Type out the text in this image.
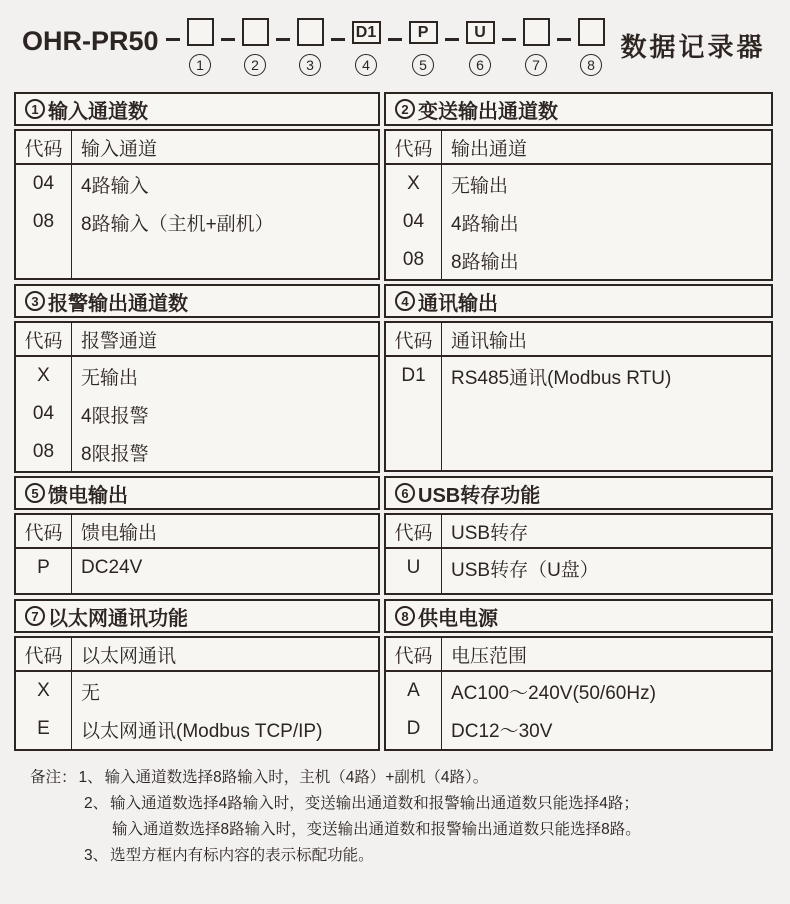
OHR-PR50
1	2	3
D1
4
P
5
U
6	7	8
数据记录器
1 输入通道数
代码 输入通道
04	4路输入
08	8路输入（主机+副机）
2 变送输出通道数
代码 输出通道
X	无输出
04	4路输出
08	8路输出
3 报警输出通道数
代码 报警通道
X	无输出
04	4限报警
08	8限报警
4 通讯输出
代码 通讯输出
D1	RS485通讯(Modbus RTU)
5 馈电输出
代码 馈电输出
P	DC24V
6 USB转存功能
代码 USB转存
U	USB转存（U盘）
7 以太网通讯功能
代码 以太网通讯
X	无
E	以太网通讯(Modbus TCP/IP)
8 供电电源
代码 电压范围
A	AC100～240V(50/60Hz)
D	DC12～30V
备注： 1、 输入通道数选择8路输入时，主机（4路）+副机（4路）。
2、 输入通道数选择4路输入时，变送输出通道数和报警输出通道数只能选择4路；
输入通道数选择8路输入时，变送输出通道数和报警输出通道数只能选择8路。
3、 选型方框内有标内容的表示标配功能。
